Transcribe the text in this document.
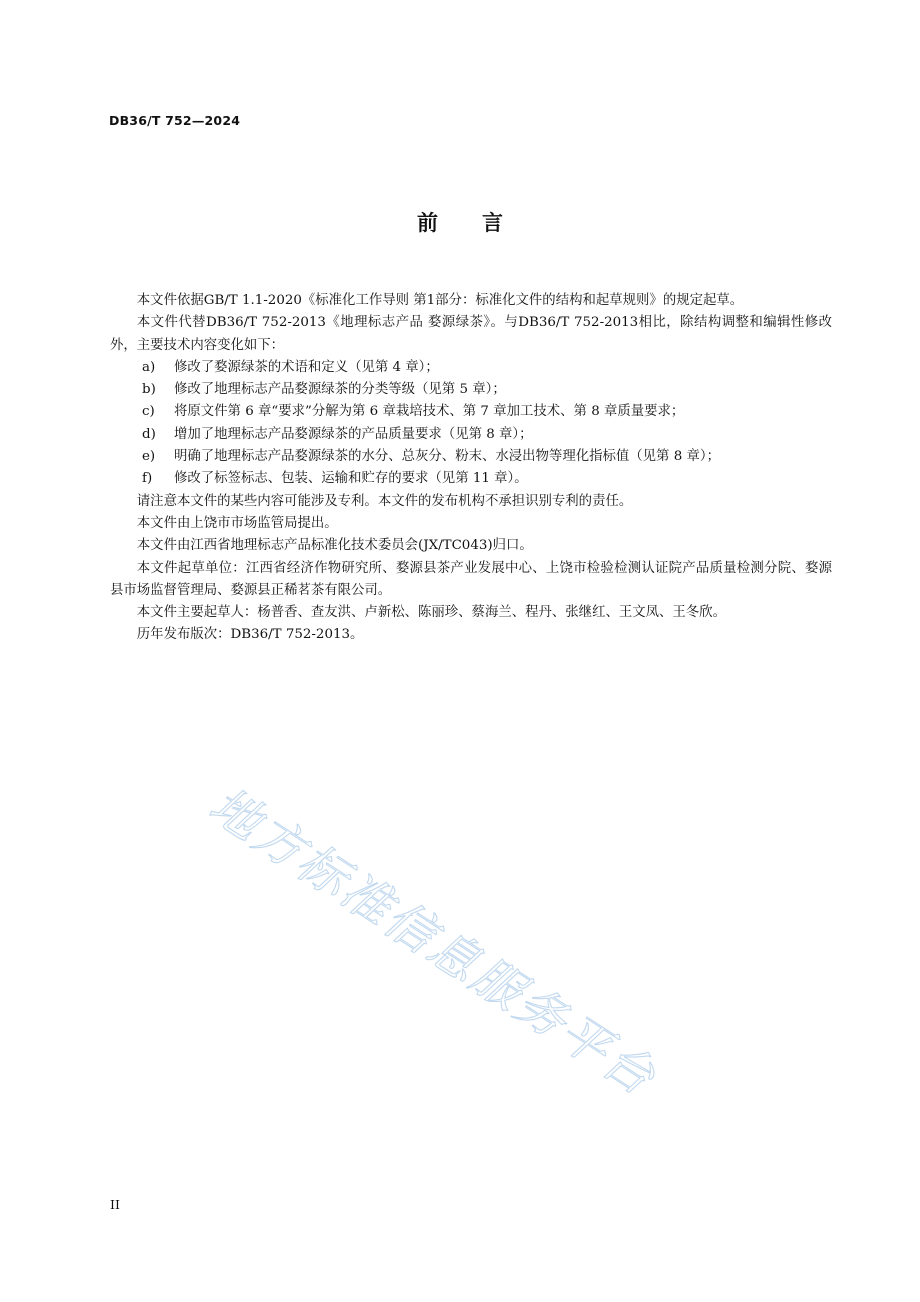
DB36/T 752—2024
前言

本文件依据GB/T 1.1-2020《标准化工作导则 第1部分：标准化文件的结构和起草规则》的规定起草。

本文件代替DB36/T 752-2013《地理标志产品 婺源绿茶》。与DB36/T 752-2013相比，除结构调整和编辑性修改外，主要技术内容变化如下：

a)	修改了婺源绿茶的术语和定义（见第 4 章）；
b)	修改了地理标志产品婺源绿茶的分类等级（见第 5 章）；
c)	将原文件第 6 章“要求”分解为第 6 章栽培技术、第 7 章加工技术、第 8 章质量要求；
d)	增加了地理标志产品婺源绿茶的产品质量要求（见第 8 章）；
e)	明确了地理标志产品婺源绿茶的水分、总灰分、粉末、水浸出物等理化指标值（见第 8 章）；
f)	修改了标签标志、包装、运输和贮存的要求（见第 11 章）。

请注意本文件的某些内容可能涉及专利。本文件的发布机构不承担识别专利的责任。

本文件由上饶市市场监管局提出。

本文件由江西省地理标志产品标准化技术委员会(JX/TC043)归口。

本文件起草单位：江西省经济作物研究所、婺源县茶产业发展中心、上饶市检验检测认证院产品质量检测分院、婺源县市场监督管理局、婺源县正稀茗茶有限公司。

本文件主要起草人：杨普香、查友洪、卢新松、陈丽珍、蔡海兰、程丹、张继红、王文凤、王冬欣。

历年发布版次：DB36/T 752-2013。

地方标准信息服务平台
II
